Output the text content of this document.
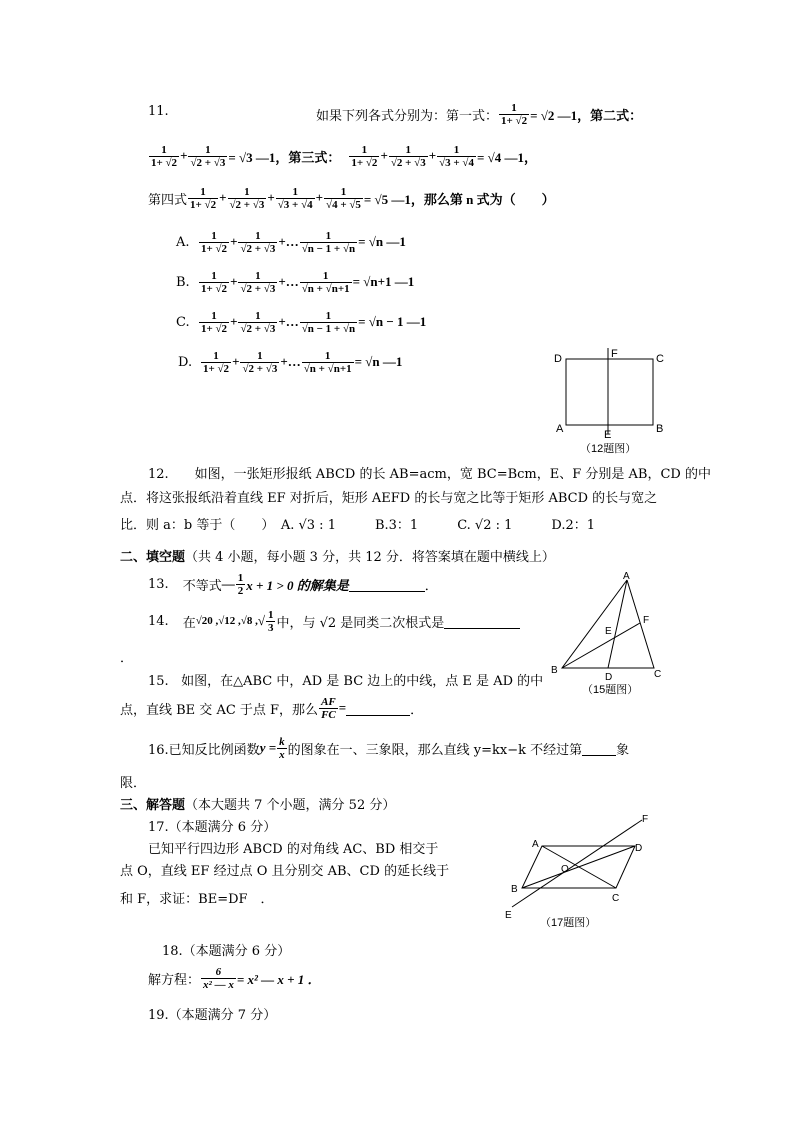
11.	如果下列各式分别为：第一式： $\frac{1}{1+ √2} = √2$ —1，第二式：
$\frac{1}{1+ √2} + \frac{1}{√2 + √3} = √3$ —1，第三式： $\frac{1}{1+ √2} + \frac{1}{√2 + √3} + \frac{1}{√3 + √4} = √4$ —1，
第四式 $\frac{1}{1+ √2} + \frac{1}{√2 + √3} + \frac{1}{√3 + √4} + \frac{1}{√4 + √5} = √5$ —1，那么第 n 式为（　　）
A. $\frac{1}{1+ √2} + \frac{1}{√2 + √3}$ +… $\frac{1}{√n - 1 + √n} = √n$ —1
B. $\frac{1}{1+ √2} + \frac{1}{√2 + √3}$ +… $\frac{1}{√n + √n+1} = √n+1$ —1
C. $\frac{1}{1+ √2} + \frac{1}{√2 + √3}$ +… $\frac{1}{√n - 1 + √n} = √n - 1$ —1
D. $\frac{1}{1+ √2} + \frac{1}{√2 + √3}$ +… $\frac{1}{√n + √n+1} = √n$ —1	D	F	C
A	B
E
（12题图）
12.　　如图，一张矩形报纸 ABCD 的长 AB=acm，宽 BC=Bcm，E、F 分别是 AB，CD 的中
点．将这张报纸沿着直线 EF 对折后，矩形 AEFD 的长与宽之比等于矩形 ABCD 的长与宽之
比．则 a：b 等于（　　）　A. √3 : 1　　　B.3：1　　　C. √2 : 1　　　D.2：1
二、填空题（共 4 小题，每小题 3 分，共 12 分．将答案填在题中横线上）
13. 不等式 — $\frac{1}{2}$ x + 1 > 0 的解集是	．
14. 在 √20 ,√12 ,√8 , √ $\frac{1}{3}$ 中，与 √2 是同类二次根式是
．
A
F
E
B
D	C
（15题图）
15. 如图，在△ABC 中，AD 是 BC 边上的中线，点 E 是 AD 的中
点，直线 BE 交 AC 于点 F，那么 $\frac{AF}{FC}$ =	．
16.已知反比例函数 $y = \frac{k}{x}$ 的图象在一、三象限，那么直线 y=kx−k 不经过第	象
限．
三、解答题（本大题共 7 个小题，满分 52 分）
17.（本题满分 6 分）
已知平行四边形 ABCD 的对角线 AC、BD 相交于
点 O，直线 EF 经过点 O 且分别交 AB、CD 的延长线于
和 F，求证：BE=DF　．
F
A	D
O
B
C
E
（17题图）
18.（本题满分 6 分）
解方程： $\frac{6}{\text{x² — x}} = x^2$ — x + 1 ．
19.（本题满分 7 分）
